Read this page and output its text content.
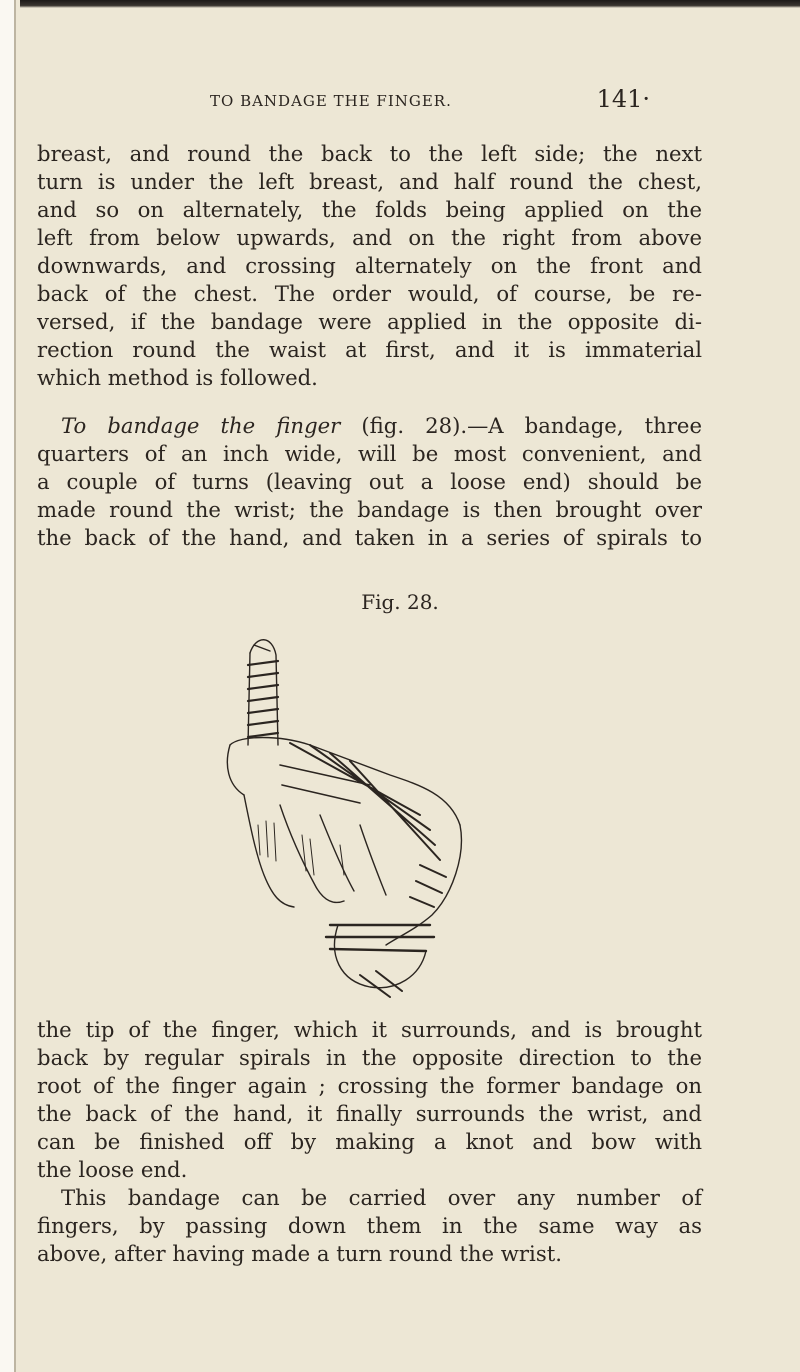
TO BANDAGE THE FINGER.	141·
breast, and round the back to the left side; the next
turn is under the left breast, and half round the chest,
and so on alternately, the folds being applied on the
left from below upwards, and on the right from above
downwards, and crossing alternately on the front and
back of the chest. The order would, of course, be re-
versed, if the bandage were applied in the opposite di-
rection round the waist at first, and it is immaterial
which method is followed.
To bandage the finger (fig. 28).—A bandage, three
quarters of an inch wide, will be most convenient, and
a couple of turns (leaving out a loose end) should be
made round the wrist; the bandage is then brought over
the back of the hand, and taken in a series of spirals to
Fig. 28.
the tip of the finger, which it surrounds, and is brought
back by regular spirals in the opposite direction to the
root of the finger again ; crossing the former bandage on
the back of the hand, it finally surrounds the wrist, and
can be finished off by making a knot and bow with
the loose end.
This bandage can be carried over any number of
fingers, by passing down them in the same way as
above, after having made a turn round the wrist.
